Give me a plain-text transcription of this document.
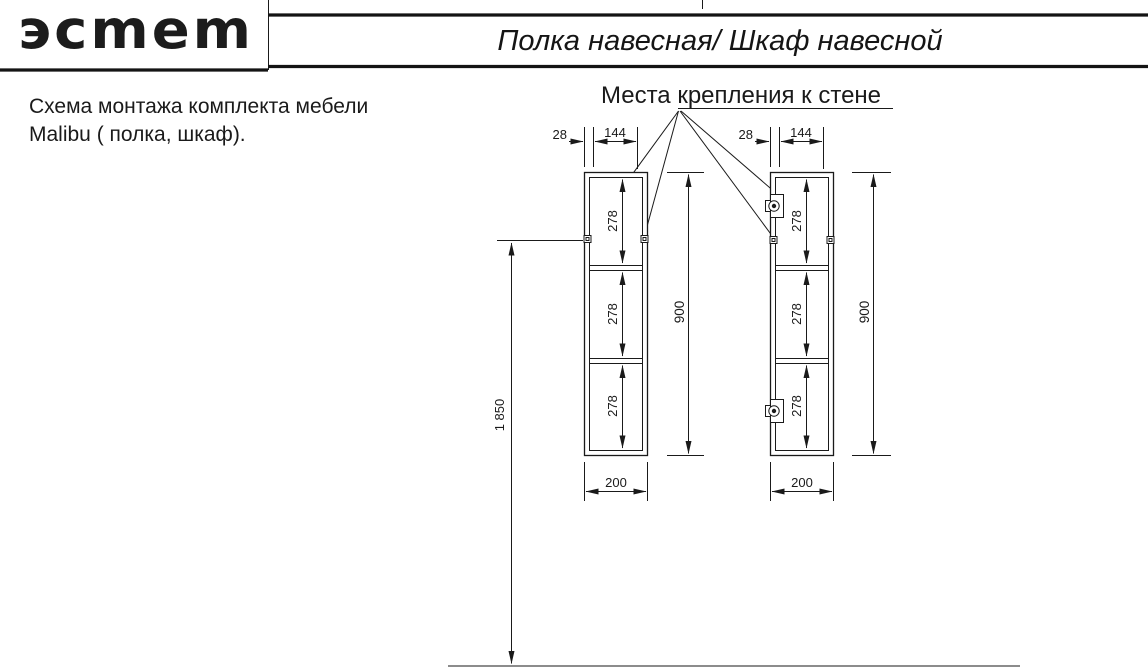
эсmem	Полка навесная/ Шкаф навесной
Схема монтажа комплекта мебели
Malibu ( полка, шкаф).
Места крепления к стене
28	144	28	144
278
278
278
278
278
278
900	900
200	200
1 850
